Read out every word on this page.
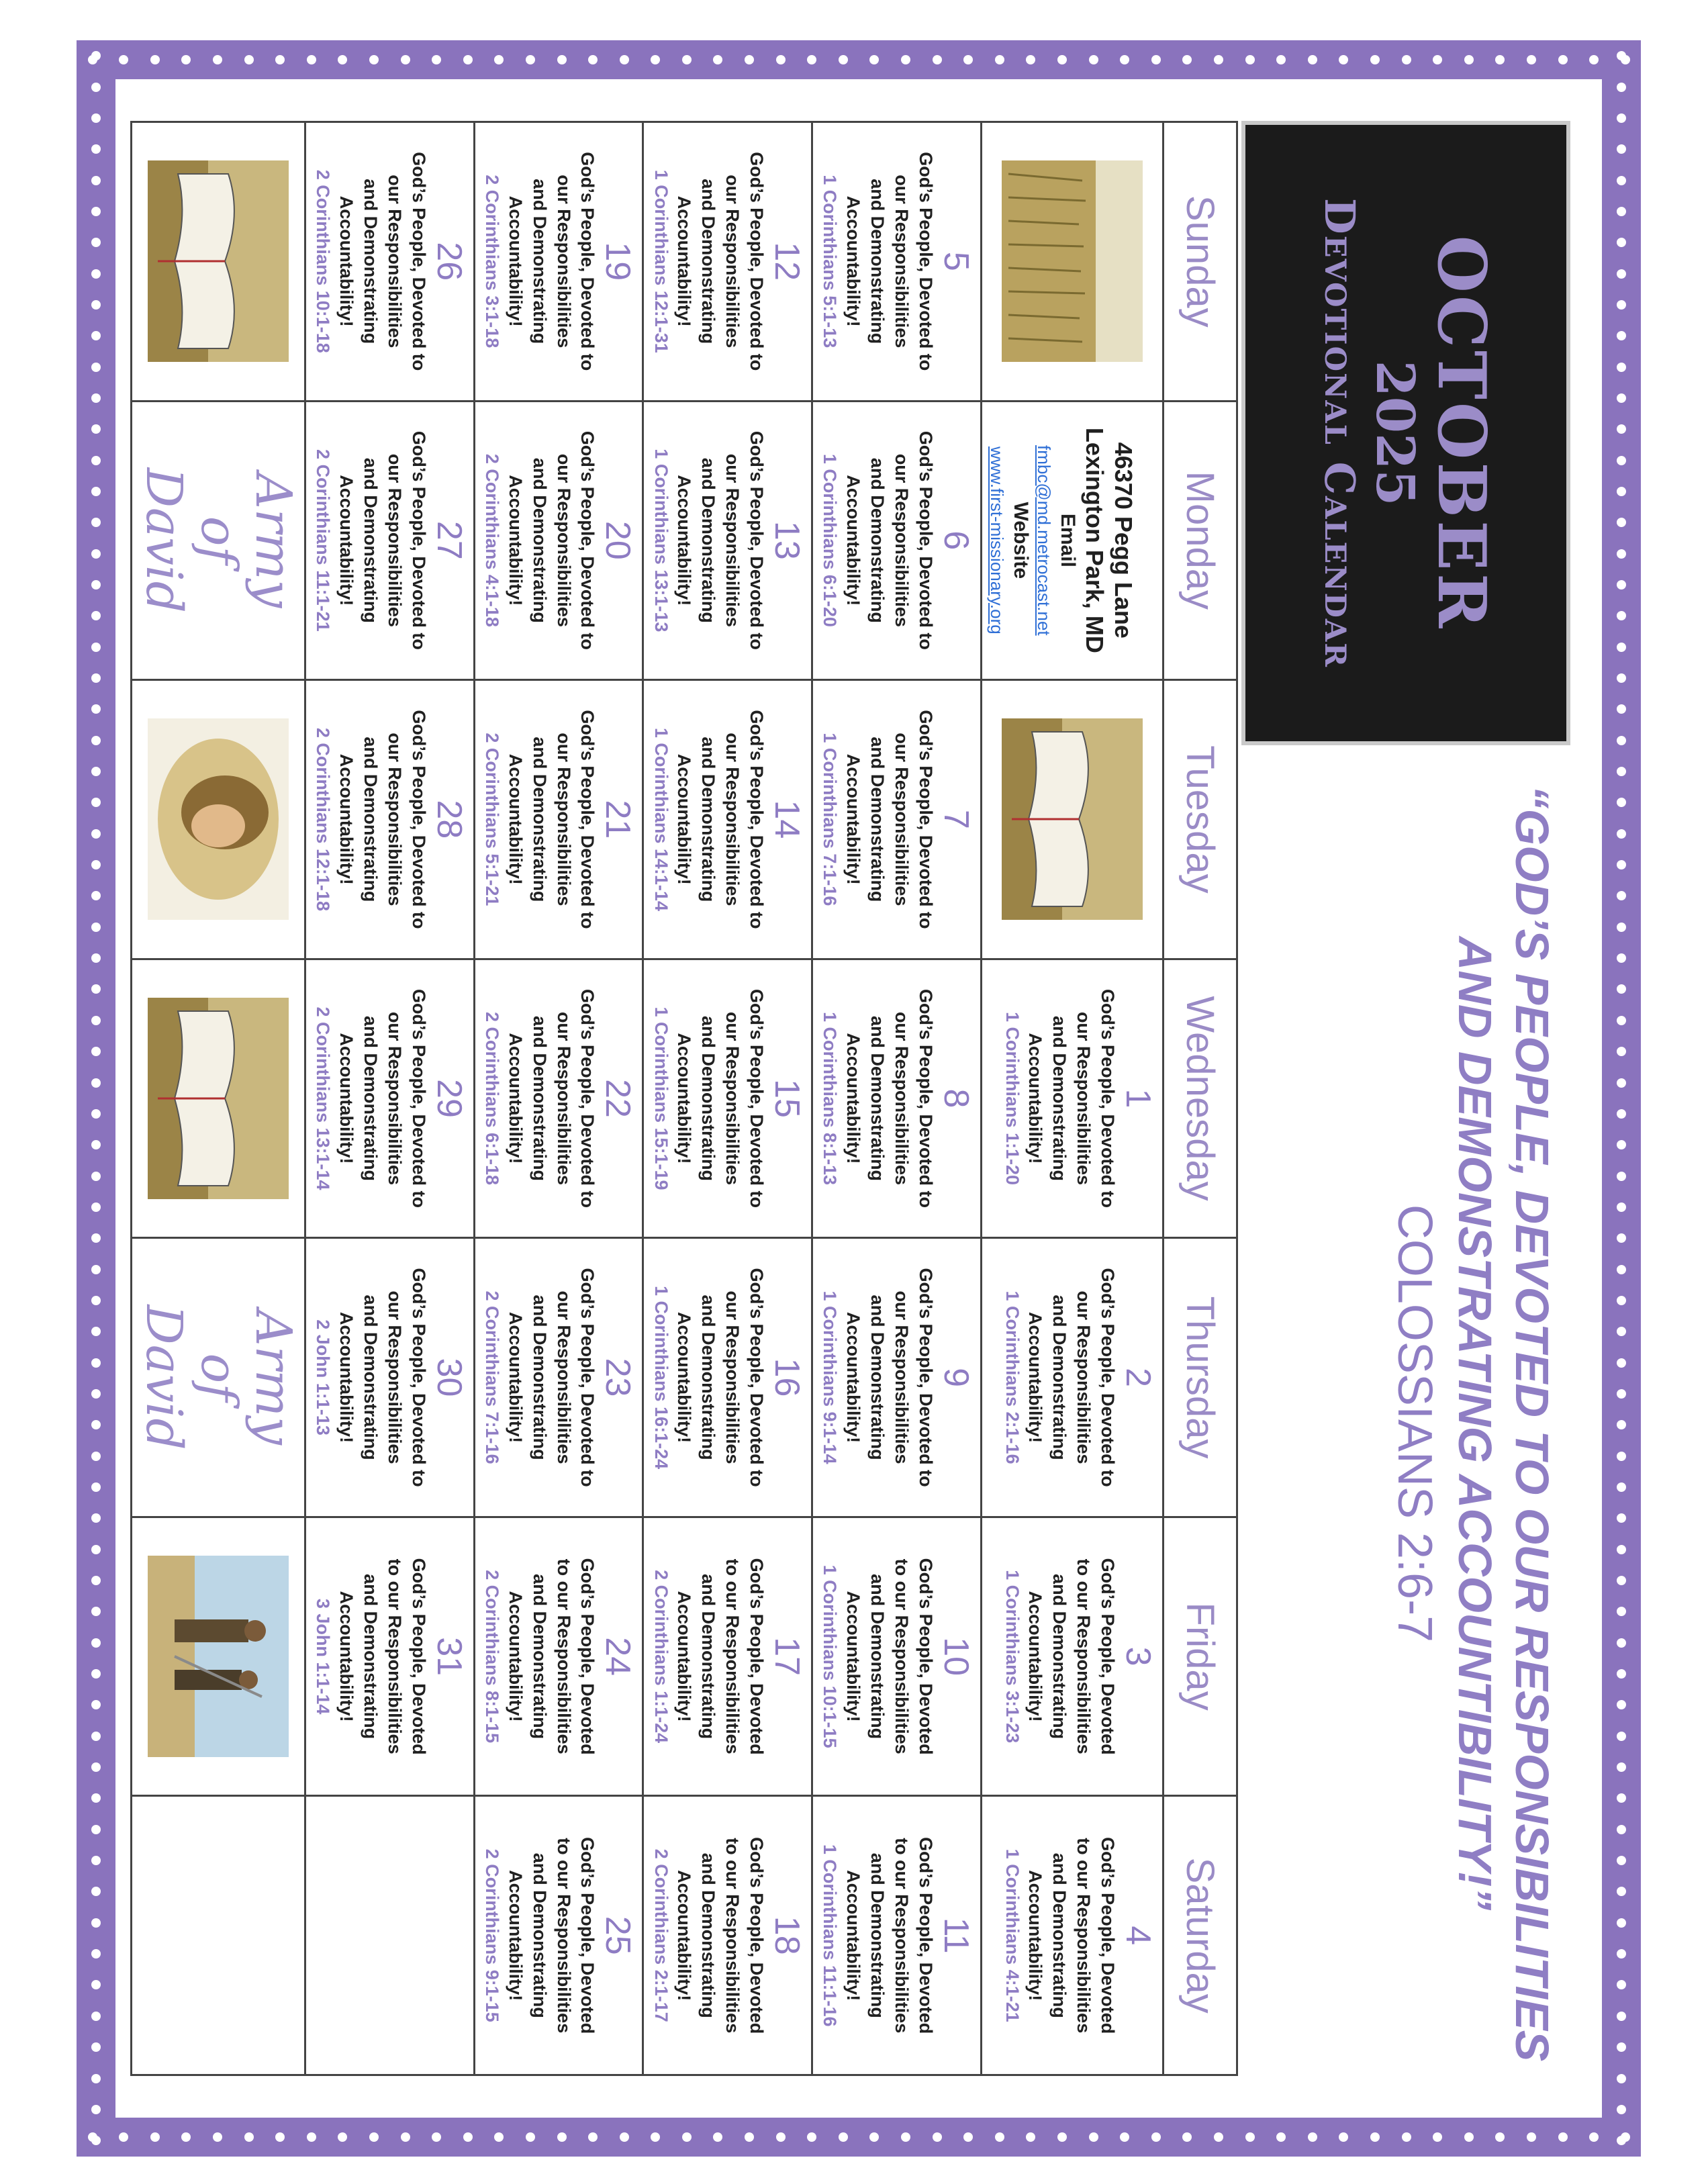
OCTOBER
2025
Devotional Calendar
“GOD’S PEOPLE, DEVOTED TO OUR RESPONSIBILITIES
AND DEMONSTRATING ACCOUNTIBILITY!”
COLOSSIANS 2:6-7
Sunday
Monday
Tuesday
Wednesday
Thursday
Friday
Saturday
46370 Pegg Lane
Lexington Park, MD
Email
fmbc@md.metrocast.net
Website
www.first-missionary.org
1
God’s People, Devoted to
our Responsibilities
and Demonstrating
Accountability!
1 Corinthians 1:1-20
2
God’s People, Devoted to
our Responsibilities
and Demonstrating
Accountability!
1 Corinthians 2:1-16
3
God’s People, Devoted
to our Responsibilities
and Demonstrating
Accountability!
1 Corinthians 3:1-23
4
God’s People, Devoted
to our Responsibilities
and Demonstrating
Accountability!
1 Corinthians 4:1-21
5
God’s People, Devoted to
our Responsibilities
and Demonstrating
Accountability!
1 Corinthians 5:1-13
6
God’s People, Devoted to
our Responsibilities
and Demonstrating
Accountability!
1 Corinthians 6:1-20
7
God’s People, Devoted to
our Responsibilities
and Demonstrating
Accountability!
1 Corinthians 7:1-16
8
God’s People, Devoted to
our Responsibilities
and Demonstrating
Accountability!
1 Corinthians 8:1-13
9
God’s People, Devoted to
our Responsibilities
and Demonstrating
Accountability!
1 Corinthians 9:1-14
10
God’s People, Devoted
to our Responsibilities
and Demonstrating
Accountability!
1 Corinthians 10:1-15
11
God’s People, Devoted
to our Responsibilities
and Demonstrating
Accountability!
1 Corinthians 11:1-16
12
God’s People, Devoted to
our Responsibilities
and Demonstrating
Accountability!
1 Corinthians 12:1-31
13
God’s People, Devoted to
our Responsibilities
and Demonstrating
Accountability!
1 Corinthians 13:1-13
14
God’s People, Devoted to
our Responsibilities
and Demonstrating
Accountability!
1 Corinthians 14:1-14
15
God’s People, Devoted to
our Responsibilities
and Demonstrating
Accountability!
1 Corinthians 15:1-19
16
God’s People, Devoted to
our Responsibilities
and Demonstrating
Accountability!
1 Corinthians 16:1-24
17
God’s People, Devoted
to our Responsibilities
and Demonstrating
Accountability!
2 Corinthians 1:1-24
18
God’s People, Devoted
to our Responsibilities
and Demonstrating
Accountability!
2 Corinthians 2:1-17
19
God’s People, Devoted to
our Responsibilities
and Demonstrating
Accountability!
2 Corinthians 3:1-18
20
God’s People, Devoted to
our Responsibilities
and Demonstrating
Accountability!
2 Corinthians 4:1-18
21
God’s People, Devoted to
our Responsibilities
and Demonstrating
Accountability!
2 Corinthians 5:1-21
22
God’s People, Devoted to
our Responsibilities
and Demonstrating
Accountability!
2 Corinthians 6:1-18
23
God’s People, Devoted to
our Responsibilities
and Demonstrating
Accountability!
2 Corinthians 7:1-16
24
God’s People, Devoted
to our Responsibilities
and Demonstrating
Accountability!
2 Corinthians 8:1-15
25
God’s People, Devoted
to our Responsibilities
and Demonstrating
Accountability!
2 Corinthians 9:1-15
26
God’s People, Devoted to
our Responsibilities
and Demonstrating
Accountability!
2 Corinthians 10:1-18
27
God’s People, Devoted to
our Responsibilities
and Demonstrating
Accountability!
2 Corinthians 11:1-21
28
God’s People, Devoted to
our Responsibilities
and Demonstrating
Accountability!
2 Corinthians 12:1-18
29
God’s People, Devoted to
our Responsibilities
and Demonstrating
Accountability!
2 Corinthians 13:1-14
30
God’s People, Devoted to
our Responsibilities
and Demonstrating
Accountability!
2 John 1:1-13
31
God’s People, Devoted
to our Responsibilities
and Demonstrating
Accountability!
3 John 1:1-14
Army
of
David
Army
of
David
